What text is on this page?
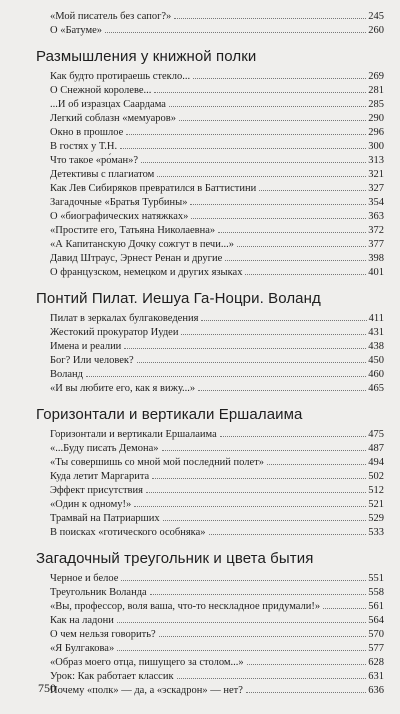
«Мой писатель без сапог?»	245
О «Батуме»	260
Размышления у книжной полки
Как будто протираешь стекло...	269
О Снежной королеве...	281
...И об изразцах Саардама	285
Легкий соблазн «мемуаров»	290
Окно в прошлое	296
В гостях у Т.Н.	300
Что такое «ро́ман»?	313
Детективы с плагиатом	321
Как Лев Сибиряков превратился в Баттистини	327
Загадочные «Братья Турбины»	354
О «биографических натяжках»	363
«Простите его, Татьяна Николаевна»	372
«А Капитанскую Дочку сожгут в печи...»	377
Давид Штраус, Эрнест Ренан и другие	398
О французском, немецком и других языках	401
Понтий Пилат. Иешуа Га-Ноцри. Воланд
Пилат в зеркалах булгаковедения	411
Жестокий прокуратор Иудеи	431
Имена и реалии	438
Бог? Или человек?	450
Воланд	460
«И вы любите его, как я вижу...»	465
Горизонтали и вертикали Ершалаима
Горизонтали и вертикали Ершалаима	475
«...Буду писать Демона»	487
«Ты совершишь со мной мой последний полет»	494
Куда летит Маргарита	502
Эффект присутствия	512
«Один к одному!»	521
Трамвай на Патриарших	529
В поисках «готического особняка»	533
Загадочный треугольник и цвета бытия
Черное и белое	551
Треугольник Воланда	558
«Вы, профессор, воля ваша, что-то нескладное придумали!»	561
Как на ладони	564
О чем нельзя говорить?	570
«Я Булгакова»	577
«Образ моего отца, пишущего за столом...»	628
Урок: Как работает классик	631
Почему «полк» — да, а «эскадрон» — нет?	636
750
